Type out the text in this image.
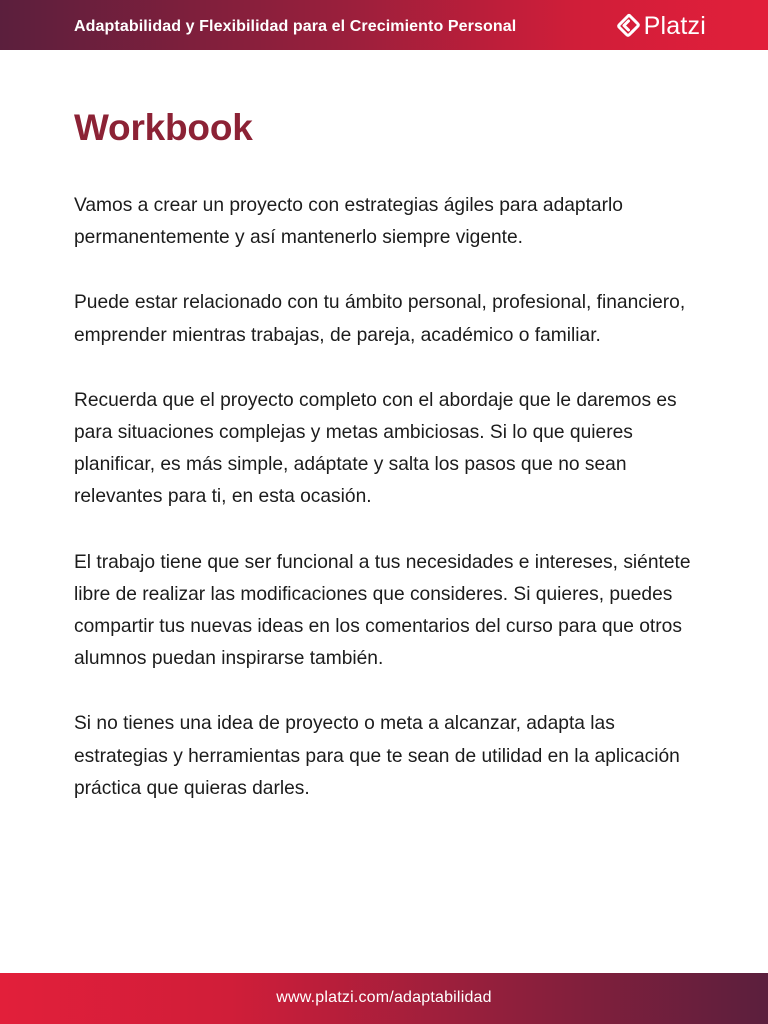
Adaptabilidad y Flexibilidad para el Crecimiento Personal	Platzi
Workbook

Vamos a crear un proyecto con estrategias ágiles para adaptarlo permanentemente y así mantenerlo siempre vigente.

Puede estar relacionado con tu ámbito personal, profesional, financiero, emprender mientras trabajas, de pareja, académico o familiar.

Recuerda que el proyecto completo con el abordaje que le daremos es para situaciones complejas y metas ambiciosas. Si lo que quieres planificar, es más simple, adáptate y salta los pasos que no sean relevantes para ti, en esta ocasión.

El trabajo tiene que ser funcional a tus necesidades e intereses, siéntete libre de realizar las modificaciones que consideres. Si quieres, puedes compartir tus nuevas ideas en los comentarios del curso para que otros alumnos puedan inspirarse también.

Si no tienes una idea de proyecto o meta a alcanzar, adapta las estrategias y herramientas para que te sean de utilidad en la aplicación práctica que quieras darles.

www.platzi.com/adaptabilidad
